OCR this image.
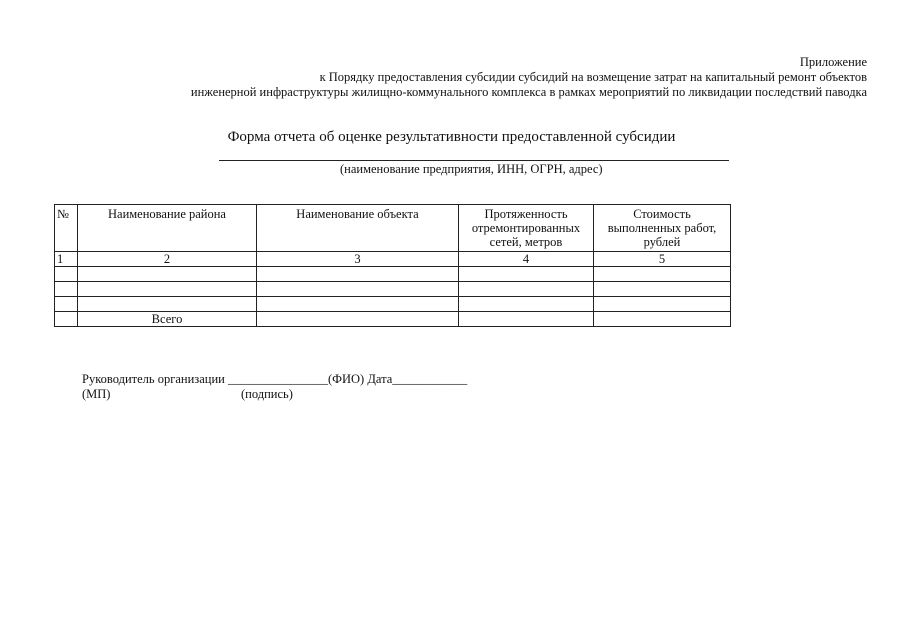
Приложение
к Порядку предоставления субсидии субсидий на возмещение затрат на капитальный ремонт объектов
инженерной инфраструктуры жилищно-коммунального комплекса в рамках мероприятий по ликвидации последствий паводка
Форма отчета об оценке результативности предоставленной субсидии
(наименование предприятия, ИНН, ОГРН, адрес)
№	Наименование района	Наименование объекта	Протяженность отремонтированных сетей, метров	Стоимость выполненных работ, рублей
1	2	3	4	5

	Всего			
Руководитель организации ________________(ФИО) Дата____________
(МП)	(подпись)
